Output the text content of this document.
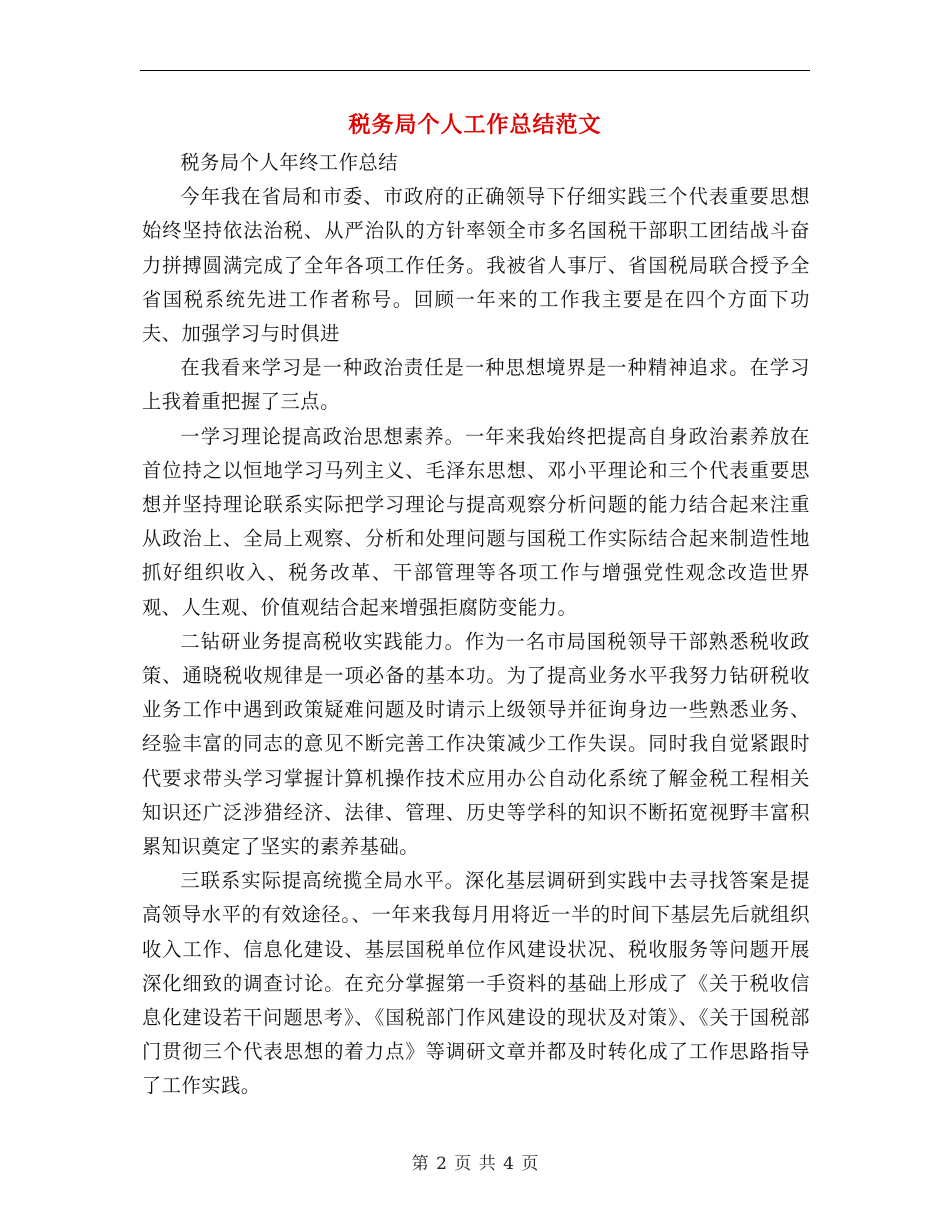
税务局个人工作总结范文

税务局个人年终工作总结

今年我在省局和市委、市政府的正确领导下仔细实践三个代表重要思想始终坚持依法治税、从严治队的方针率领全市多名国税干部职工团结战斗奋力拼搏圆满完成了全年各项工作任务。我被省人事厅、省国税局联合授予全省国税系统先进工作者称号。回顾一年来的工作我主要是在四个方面下功夫、加强学习与时俱进

在我看来学习是一种政治责任是一种思想境界是一种精神追求。在学习上我着重把握了三点。

一学习理论提高政治思想素养。一年来我始终把提高自身政治素养放在首位持之以恒地学习马列主义、毛泽东思想、邓小平理论和三个代表重要思想并坚持理论联系实际把学习理论与提高观察分析问题的能力结合起来注重从政治上、全局上观察、分析和处理问题与国税工作实际结合起来制造性地抓好组织收入、税务改革、干部管理等各项工作与增强党性观念改造世界观、人生观、价值观结合起来增强拒腐防变能力。

二钻研业务提高税收实践能力。作为一名市局国税领导干部熟悉税收政策、通晓税收规律是一项必备的基本功。为了提高业务水平我努力钻研税收业务工作中遇到政策疑难问题及时请示上级领导并征询身边一些熟悉业务、经验丰富的同志的意见不断完善工作决策减少工作失误。同时我自觉紧跟时代要求带头学习掌握计算机操作技术应用办公自动化系统了解金税工程相关知识还广泛涉猎经济、法律、管理、历史等学科的知识不断拓宽视野丰富积累知识奠定了坚实的素养基础。

三联系实际提高统揽全局水平。深化基层调研到实践中去寻找答案是提高领导水平的有效途径。、一年来我每月用将近一半的时间下基层先后就组织收入工作、信息化建设、基层国税单位作风建设状况、税收服务等问题开展深化细致的调查讨论。在充分掌握第一手资料的基础上形成了《关于税收信息化建设若干问题思考》、《国税部门作风建设的现状及对策》、《关于国税部门贯彻三个代表思想的着力点》等调研文章并都及时转化成了工作思路指导了工作实践。

第 2 页 共 4 页
